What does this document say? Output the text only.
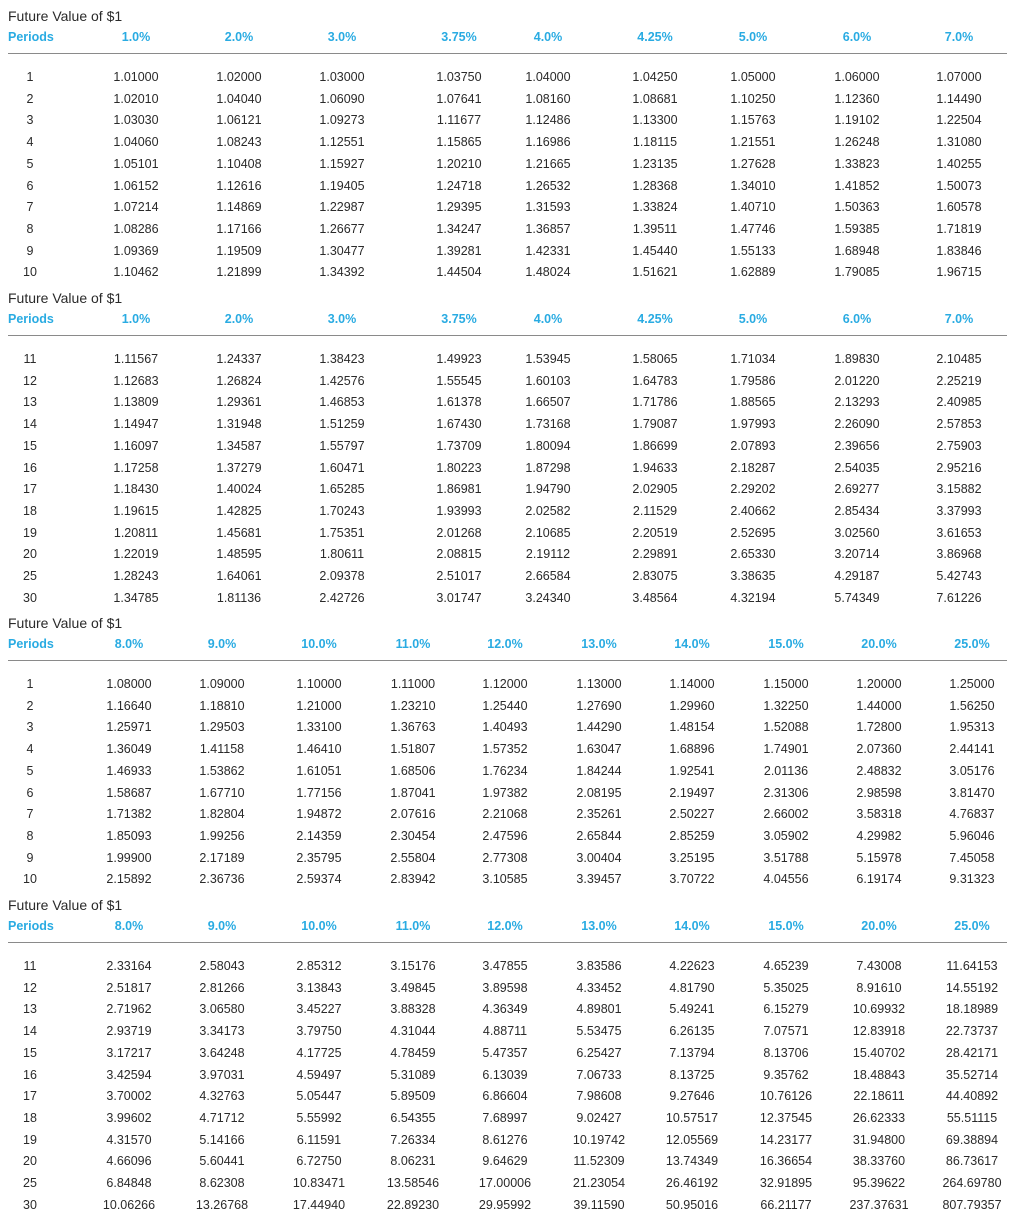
Future Value of $1
Periods	1.0%	2.0%	3.0%	3.75%	4.0%	4.25%	5.0%	6.0%	7.0%
1	1.01000	1.02000	1.03000	1.03750	1.04000	1.04250	1.05000	1.06000	1.07000
2	1.02010	1.04040	1.06090	1.07641	1.08160	1.08681	1.10250	1.12360	1.14490
3	1.03030	1.06121	1.09273	1.11677	1.12486	1.13300	1.15763	1.19102	1.22504
4	1.04060	1.08243	1.12551	1.15865	1.16986	1.18115	1.21551	1.26248	1.31080
5	1.05101	1.10408	1.15927	1.20210	1.21665	1.23135	1.27628	1.33823	1.40255
6	1.06152	1.12616	1.19405	1.24718	1.26532	1.28368	1.34010	1.41852	1.50073
7	1.07214	1.14869	1.22987	1.29395	1.31593	1.33824	1.40710	1.50363	1.60578
8	1.08286	1.17166	1.26677	1.34247	1.36857	1.39511	1.47746	1.59385	1.71819
9	1.09369	1.19509	1.30477	1.39281	1.42331	1.45440	1.55133	1.68948	1.83846
10	1.10462	1.21899	1.34392	1.44504	1.48024	1.51621	1.62889	1.79085	1.96715
Future Value of $1
Periods	1.0%	2.0%	3.0%	3.75%	4.0%	4.25%	5.0%	6.0%	7.0%
11	1.11567	1.24337	1.38423	1.49923	1.53945	1.58065	1.71034	1.89830	2.10485
12	1.12683	1.26824	1.42576	1.55545	1.60103	1.64783	1.79586	2.01220	2.25219
13	1.13809	1.29361	1.46853	1.61378	1.66507	1.71786	1.88565	2.13293	2.40985
14	1.14947	1.31948	1.51259	1.67430	1.73168	1.79087	1.97993	2.26090	2.57853
15	1.16097	1.34587	1.55797	1.73709	1.80094	1.86699	2.07893	2.39656	2.75903
16	1.17258	1.37279	1.60471	1.80223	1.87298	1.94633	2.18287	2.54035	2.95216
17	1.18430	1.40024	1.65285	1.86981	1.94790	2.02905	2.29202	2.69277	3.15882
18	1.19615	1.42825	1.70243	1.93993	2.02582	2.11529	2.40662	2.85434	3.37993
19	1.20811	1.45681	1.75351	2.01268	2.10685	2.20519	2.52695	3.02560	3.61653
20	1.22019	1.48595	1.80611	2.08815	2.19112	2.29891	2.65330	3.20714	3.86968
25	1.28243	1.64061	2.09378	2.51017	2.66584	2.83075	3.38635	4.29187	5.42743
30	1.34785	1.81136	2.42726	3.01747	3.24340	3.48564	4.32194	5.74349	7.61226
Future Value of $1
Periods	8.0%	9.0%	10.0%	11.0%	12.0%	13.0%	14.0%	15.0%	20.0%	25.0%
1	1.08000	1.09000	1.10000	1.11000	1.12000	1.13000	1.14000	1.15000	1.20000	1.25000
2	1.16640	1.18810	1.21000	1.23210	1.25440	1.27690	1.29960	1.32250	1.44000	1.56250
3	1.25971	1.29503	1.33100	1.36763	1.40493	1.44290	1.48154	1.52088	1.72800	1.95313
4	1.36049	1.41158	1.46410	1.51807	1.57352	1.63047	1.68896	1.74901	2.07360	2.44141
5	1.46933	1.53862	1.61051	1.68506	1.76234	1.84244	1.92541	2.01136	2.48832	3.05176
6	1.58687	1.67710	1.77156	1.87041	1.97382	2.08195	2.19497	2.31306	2.98598	3.81470
7	1.71382	1.82804	1.94872	2.07616	2.21068	2.35261	2.50227	2.66002	3.58318	4.76837
8	1.85093	1.99256	2.14359	2.30454	2.47596	2.65844	2.85259	3.05902	4.29982	5.96046
9	1.99900	2.17189	2.35795	2.55804	2.77308	3.00404	3.25195	3.51788	5.15978	7.45058
10	2.15892	2.36736	2.59374	2.83942	3.10585	3.39457	3.70722	4.04556	6.19174	9.31323
Future Value of $1
Periods	8.0%	9.0%	10.0%	11.0%	12.0%	13.0%	14.0%	15.0%	20.0%	25.0%
11	2.33164	2.58043	2.85312	3.15176	3.47855	3.83586	4.22623	4.65239	7.43008	11.64153
12	2.51817	2.81266	3.13843	3.49845	3.89598	4.33452	4.81790	5.35025	8.91610	14.55192
13	2.71962	3.06580	3.45227	3.88328	4.36349	4.89801	5.49241	6.15279	10.69932	18.18989
14	2.93719	3.34173	3.79750	4.31044	4.88711	5.53475	6.26135	7.07571	12.83918	22.73737
15	3.17217	3.64248	4.17725	4.78459	5.47357	6.25427	7.13794	8.13706	15.40702	28.42171
16	3.42594	3.97031	4.59497	5.31089	6.13039	7.06733	8.13725	9.35762	18.48843	35.52714
17	3.70002	4.32763	5.05447	5.89509	6.86604	7.98608	9.27646	10.76126	22.18611	44.40892
18	3.99602	4.71712	5.55992	6.54355	7.68997	9.02427	10.57517	12.37545	26.62333	55.51115
19	4.31570	5.14166	6.11591	7.26334	8.61276	10.19742	12.05569	14.23177	31.94800	69.38894
20	4.66096	5.60441	6.72750	8.06231	9.64629	11.52309	13.74349	16.36654	38.33760	86.73617
25	6.84848	8.62308	10.83471	13.58546	17.00006	21.23054	26.46192	32.91895	95.39622	264.69780
30	10.06266	13.26768	17.44940	22.89230	29.95992	39.11590	50.95016	66.21177	237.37631	807.79357
